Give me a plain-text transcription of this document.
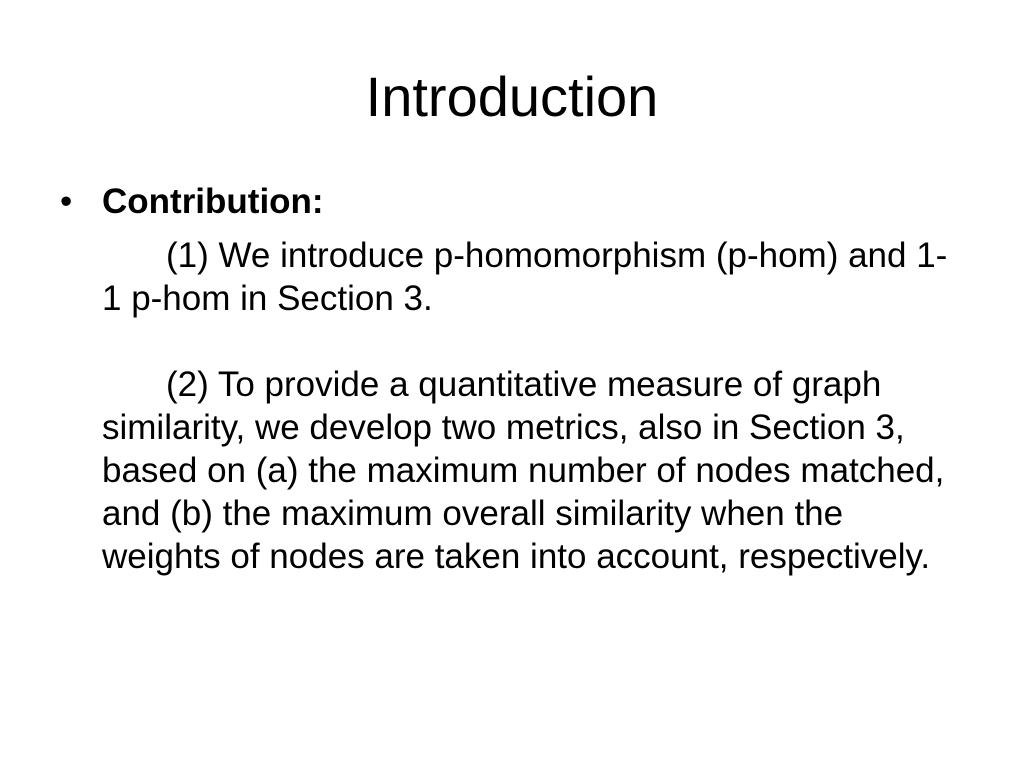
Introduction
• Contribution:

(1) We introduce p-homomorphism (p-hom) and 1-1 p-hom in Section 3.

(2) To provide a quantitative measure of graph similarity, we develop two metrics, also in Section 3, based on (a) the maximum number of nodes matched, and (b) the maximum overall similarity when the weights of nodes are taken into account, respectively.
